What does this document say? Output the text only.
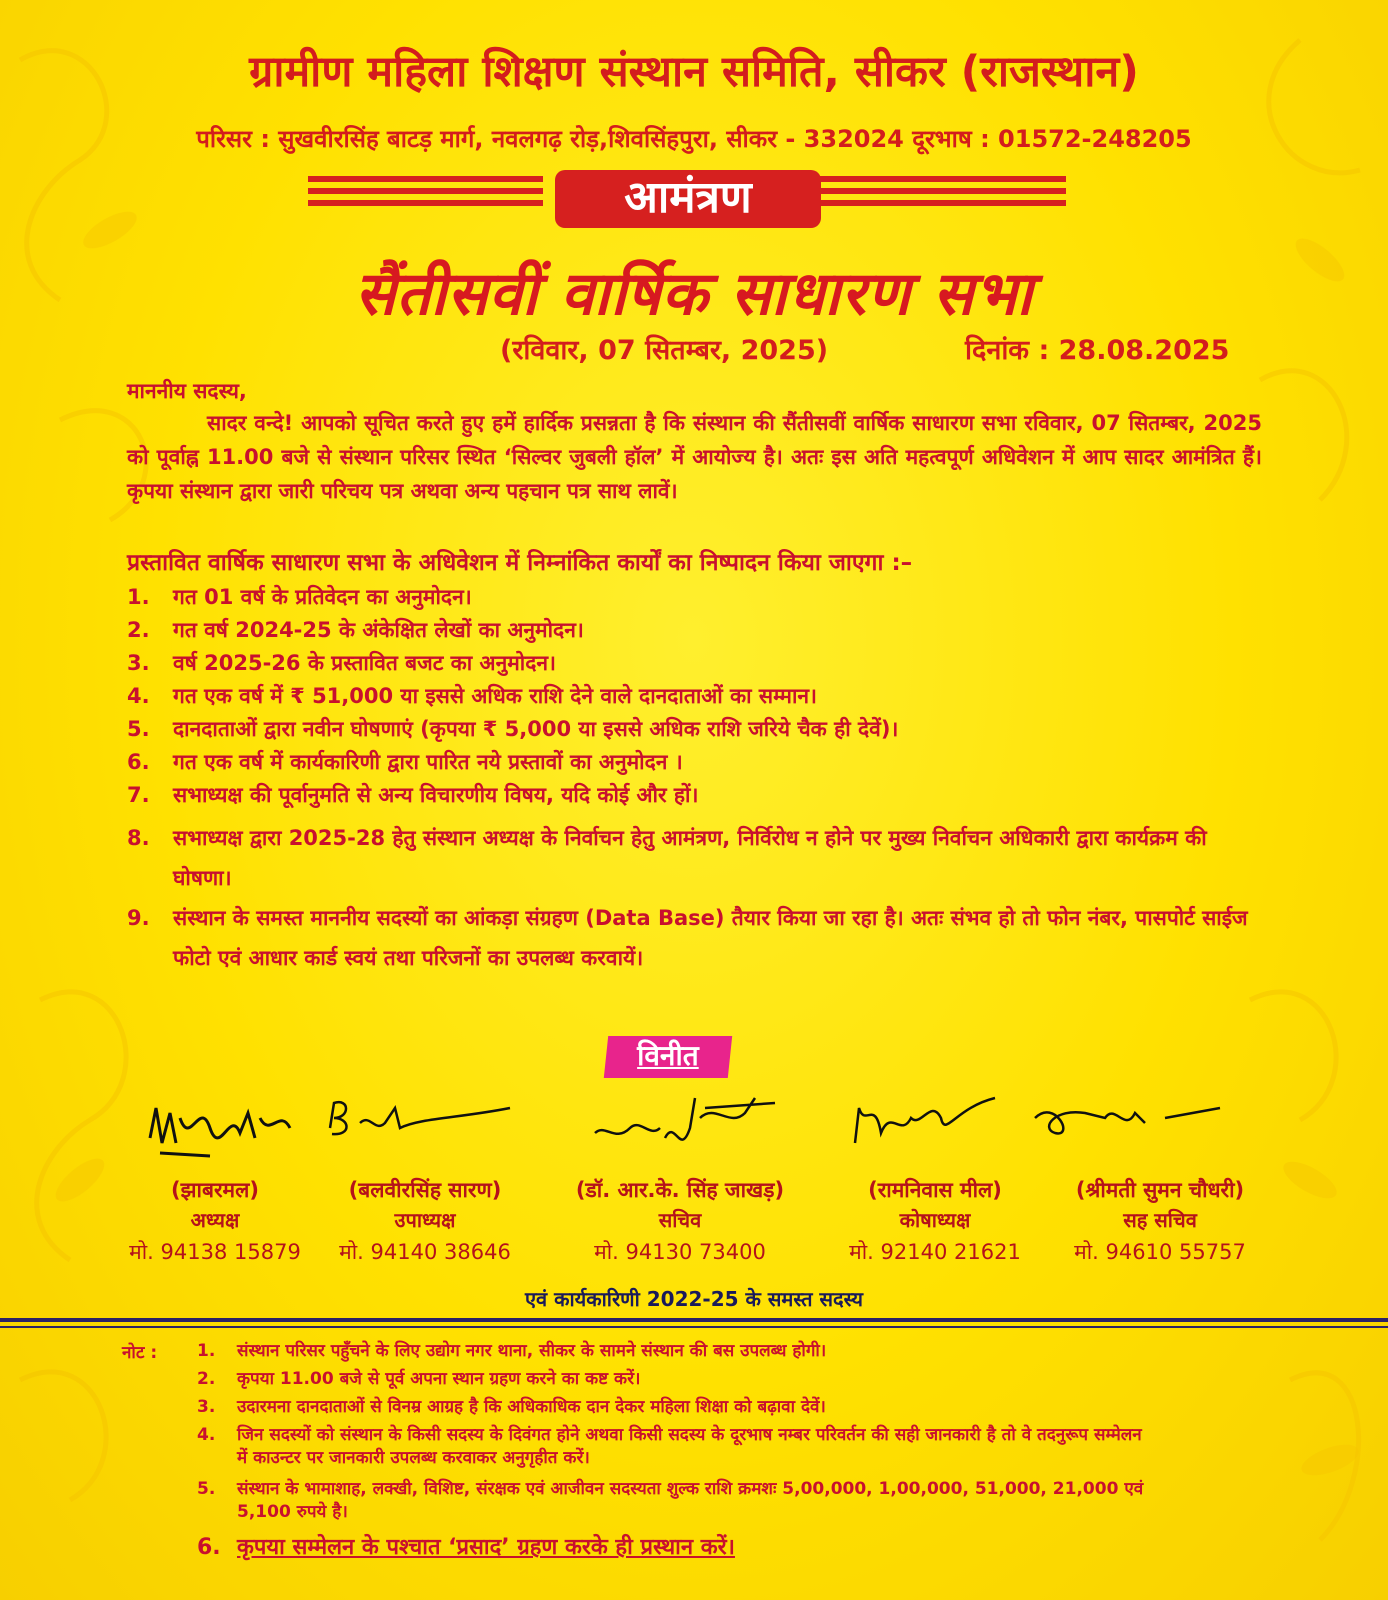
ग्रामीण महिला शिक्षण संस्थान समिति, सीकर (राजस्थान)
परिसर : सुखवीरसिंह बाटड़ मार्ग, नवलगढ़ रोड़,शिवसिंहपुरा, सीकर - 332024 दूरभाष : 01572-248205
आमंत्रण
सैंतीसवीं वार्षिक साधारण सभा
(रविवार, 07 सितम्बर, 2025)	दिनांक : 28.08.2025
माननीय सदस्य,
सादर वन्दे! आपको सूचित करते हुए हमें हार्दिक प्रसन्नता है कि संस्थान की सैंतीसवीं वार्षिक साधारण सभा रविवार, 07 सितम्बर, 2025 को पूर्वाह्न 11.00 बजे से संस्थान परिसर स्थित ‘सिल्वर जुबली हॉल’ में आयोज्य है। अतः इस अति महत्वपूर्ण अधिवेशन में आप सादर आमंत्रित हैं। कृपया संस्थान द्वारा जारी परिचय पत्र अथवा अन्य पहचान पत्र साथ लावें।
प्रस्तावित वार्षिक साधारण सभा के अधिवेशन में निम्नांकित कार्यों का निष्पादन किया जाएगा :–
1. गत 01 वर्ष के प्रतिवेदन का अनुमोदन।
2. गत वर्ष 2024-25 के अंकेक्षित लेखों का अनुमोदन।
3. वर्ष 2025-26 के प्रस्तावित बजट का अनुमोदन।
4. गत एक वर्ष में ₹ 51,000 या इससे अधिक राशि देने वाले दानदाताओं का सम्मान।
5. दानदाताओं द्वारा नवीन घोषणाएं (कृपया ₹ 5,000 या इससे अधिक राशि जरिये चैक ही देवें)।
6. गत एक वर्ष में कार्यकारिणी द्वारा पारित नये प्रस्तावों का अनुमोदन ।
7. सभाध्यक्ष की पूर्वानुमति से अन्य विचारणीय विषय, यदि कोई और हों।
8. सभाध्यक्ष द्वारा 2025-28 हेतु संस्थान अध्यक्ष के निर्वाचन हेतु आमंत्रण, निर्विरोध न होने पर मुख्य निर्वाचन अधिकारी द्वारा कार्यक्रम की घोषणा।
9. संस्थान के समस्त माननीय सदस्यों का आंकड़ा संग्रहण (Data Base) तैयार किया जा रहा है। अतः संभव हो तो फोन नंबर, पासपोर्ट साईज फोटो एवं आधार कार्ड स्वयं तथा परिजनों का उपलब्ध करवायें।
विनीत
(झाबरमल)
अध्यक्ष
मो. 94138 15879
(बलवीरसिंह सारण)
उपाध्यक्ष
मो. 94140 38646
(डॉ. आर.के. सिंह जाखड़)
सचिव
मो. 94130 73400
(रामनिवास मील)
कोषाध्यक्ष
मो. 92140 21621
(श्रीमती सुमन चौधरी)
सह सचिव
मो. 94610 55757
एवं कार्यकारिणी 2022-25 के समस्त सदस्य
नोट : 1. संस्थान परिसर पहुँचने के लिए उद्योग नगर थाना, सीकर के सामने संस्थान की बस उपलब्ध होगी।
2. कृपया 11.00 बजे से पूर्व अपना स्थान ग्रहण करने का कष्ट करें।
3. उदारमना दानदाताओं से विनम्र आग्रह है कि अधिकाधिक दान देकर महिला शिक्षा को बढ़ावा देवें।
4. जिन सदस्यों को संस्थान के किसी सदस्य के दिवंगत होने अथवा किसी सदस्य के दूरभाष नम्बर परिवर्तन की सही जानकारी है तो वे तदनुरूप सम्मेलन में काउन्टर पर जानकारी उपलब्ध करवाकर अनुगृहीत करें।
5. संस्थान के भामाशाह, लक्खी, विशिष्ट, संरक्षक एवं आजीवन सदस्यता शुल्क राशि क्रमशः 5,00,000, 1,00,000, 51,000, 21,000 एवं 5,100 रुपये है।
6. कृपया सम्मेलन के पश्चात ‘प्रसाद’ ग्रहण करके ही प्रस्थान करें।
